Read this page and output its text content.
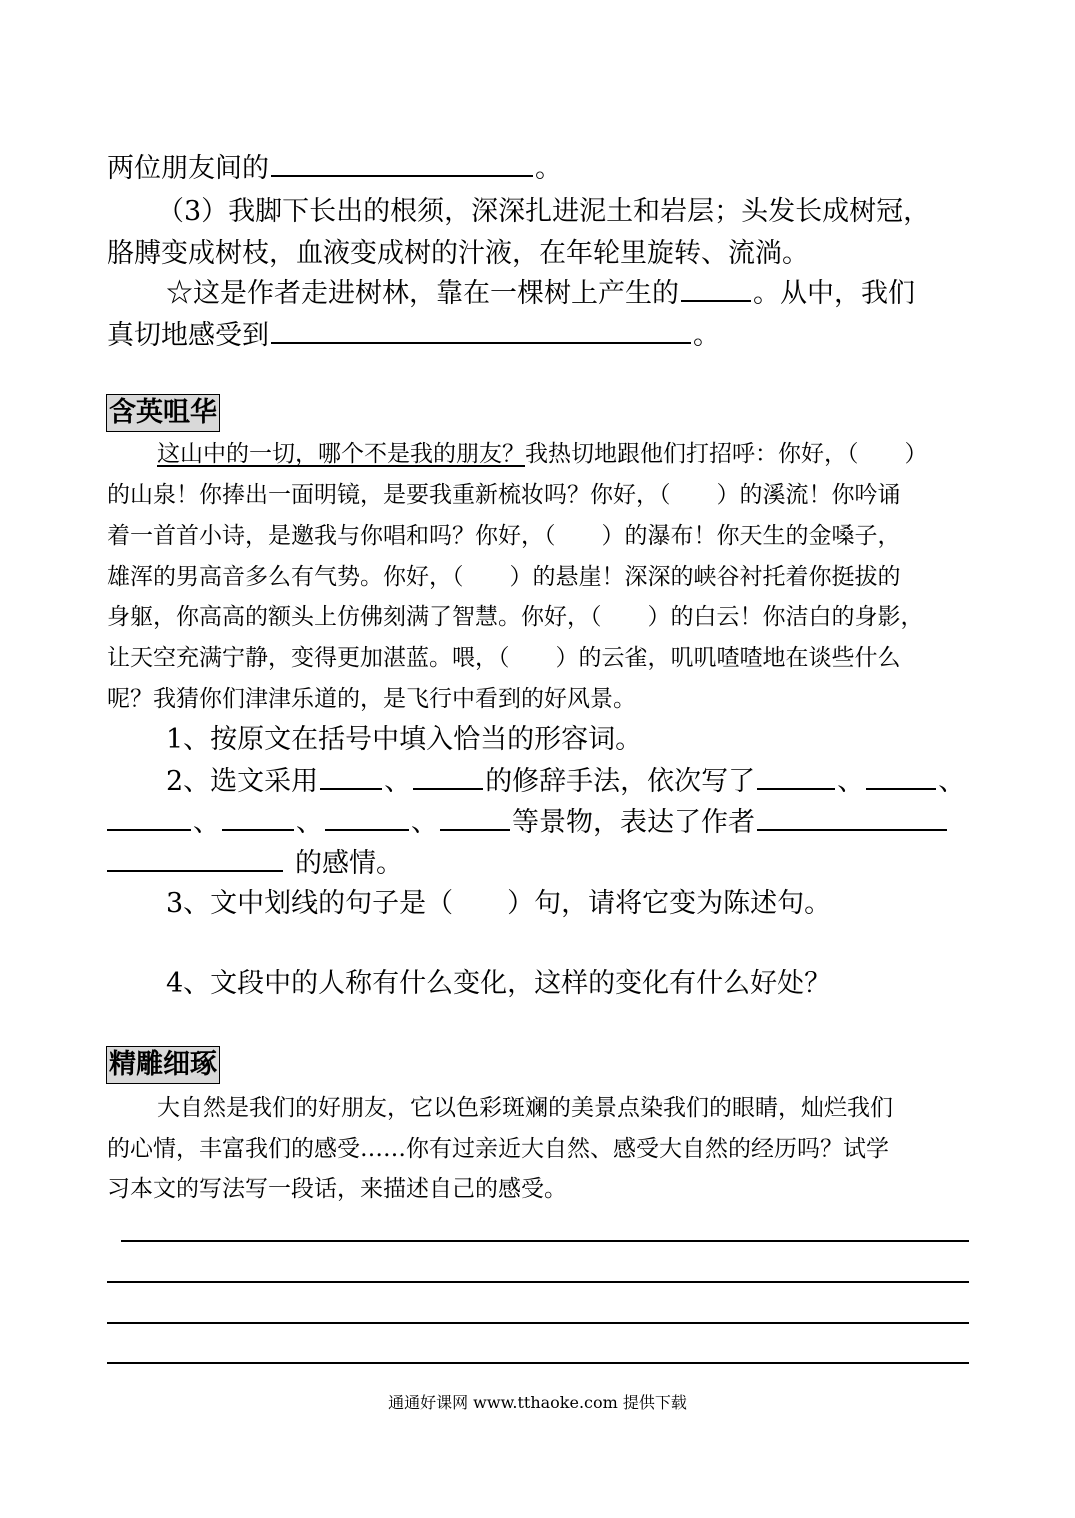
两位朋友间的	。
（3）我脚下长出的根须，深深扎进泥土和岩层；头发长成树冠，
胳膊变成树枝，血液变成树的汁液，在年轮里旋转、流淌。
☆这是作者走进树林，靠在一棵树上产生的	。从中，我们
真切地感受到	。
含英咀华
这山中的一切，哪个不是我的朋友？我热切地跟他们打招呼：你好，（　　）
的山泉！你捧出一面明镜，是要我重新梳妆吗？你好，（　　）的溪流！你吟诵
着一首首小诗，是邀我与你唱和吗？你好，（　　）的瀑布！你天生的金嗓子，
雄浑的男高音多么有气势。你好，（　　）的悬崖！深深的峡谷衬托着你挺拔的
身躯，你高高的额头上仿佛刻满了智慧。你好，（　　）的白云！你洁白的身影，
让天空充满宁静，变得更加湛蓝。喂，（　　）的云雀，叽叽喳喳地在谈些什么
呢？我猜你们津津乐道的，是飞行中看到的好风景。
1、按原文在括号中填入恰当的形容词。
2、选文采用 、	的修辞手法，依次写了	、	、
、	、	、	等景物，表达了作者
的感情。
3、文中划线的句子是（　　）句，请将它变为陈述句。
4、文段中的人称有什么变化，这样的变化有什么好处？
精雕细琢
大自然是我们的好朋友，它以色彩斑斓的美景点染我们的眼睛，灿烂我们
的心情，丰富我们的感受……你有过亲近大自然、感受大自然的经历吗？试学
习本文的写法写一段话，来描述自己的感受。
通通好课网 www.tthaoke.com 提供下载
